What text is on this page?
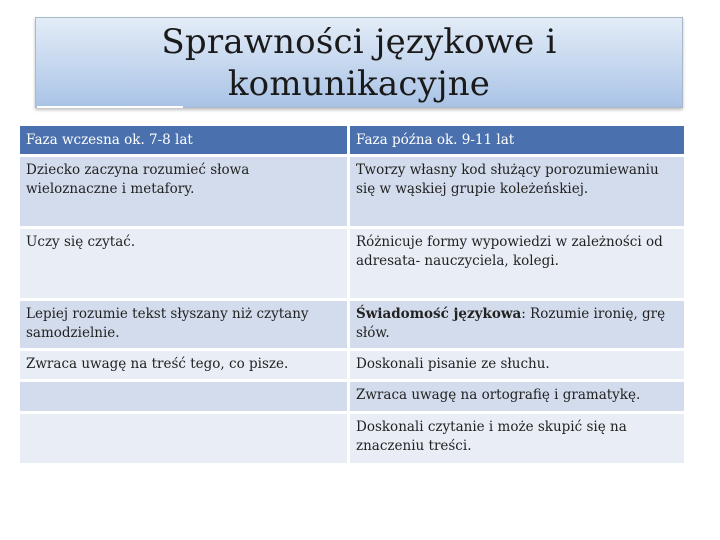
Sprawności językowe i
komunikacyjne
Faza wczesna ok. 7-8 lat	Faza późna ok. 9-11 lat
Dziecko zaczyna rozumieć słowa wieloznaczne i metafory.	Tworzy własny kod służący porozumiewaniu się w wąskiej grupie koleżeńskiej.
Uczy się czytać.	Różnicuje formy wypowiedzi w zależności od adresata- nauczyciela, kolegi.
Lepiej rozumie tekst słyszany niż czytany samodzielnie.	Świadomość językowa: Rozumie ironię, grę słów.
Zwraca uwagę na treść tego, co pisze.	Doskonali pisanie ze słuchu.
	Zwraca uwagę na ortografię i gramatykę.
	Doskonali czytanie i może skupić się na znaczeniu treści.
